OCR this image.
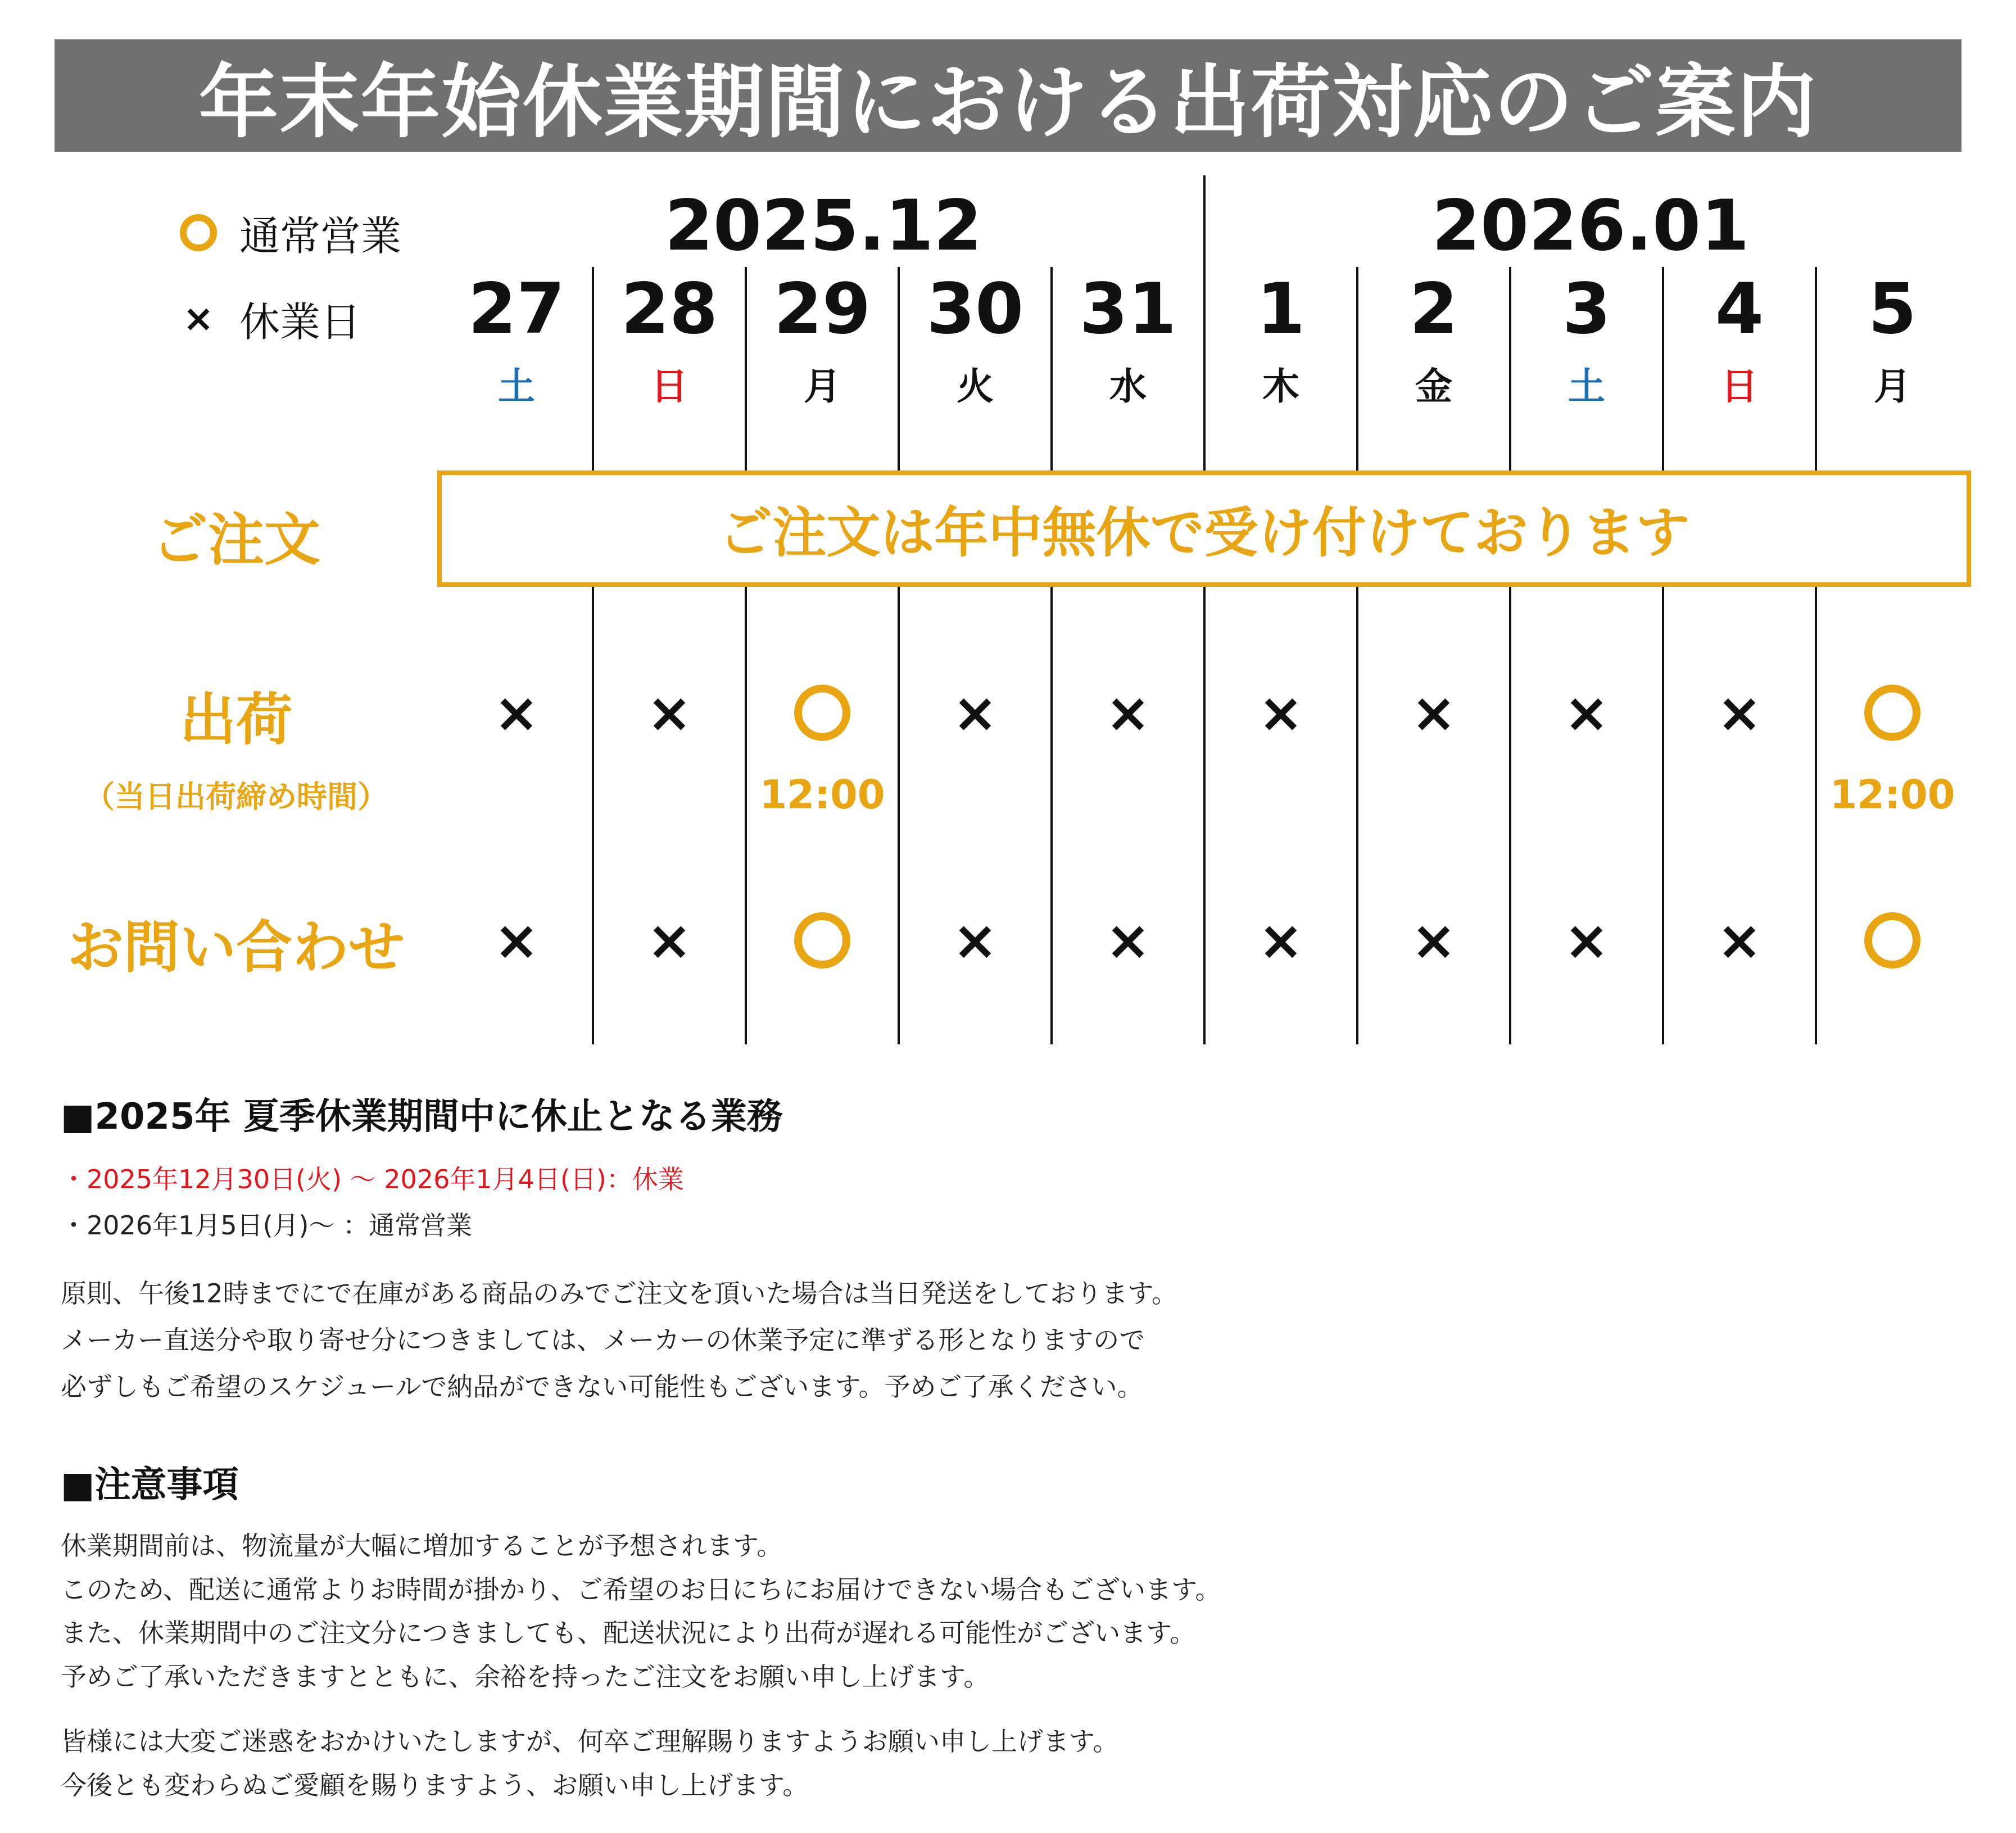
年末年始休業期間における出荷対応のご案内
通常営業
× 休業日
2025.12	2026.01
27
土
×
×
28
日
×
×
29
月
12:00
30
火
×
×
31
水
×
×
1
木
×
×
2
金
×
×
3
土
×
×
4
日
×
×
5
月
12:00
ご注文	ご注文は年中無休で受け付けております
出荷
（当日出荷締め時間）
お問い合わせ
■2025年 夏季休業期間中に休止となる業務
・2025年12月30日(火) 〜 2026年1月4日(日)：休業
・2026年1月5日(月)〜 ：通常営業
原則、午後12時までにで在庫がある商品のみでご注文を頂いた場合は当日発送をしております。
メーカー直送分や取り寄せ分につきましては、メーカーの休業予定に準ずる形となりますので
必ずしもご希望のスケジュールで納品ができない可能性もございます。予めご了承ください。
■注意事項
休業期間前は、物流量が大幅に増加することが予想されます。
このため、配送に通常よりお時間が掛かり、ご希望のお日にちにお届けできない場合もございます。
また、休業期間中のご注文分につきましても、配送状況により出荷が遅れる可能性がございます。
予めご了承いただきますとともに、余裕を持ったご注文をお願い申し上げます。
皆様には大変ご迷惑をおかけいたしますが、何卒ご理解賜りますようお願い申し上げます。
今後とも変わらぬご愛顧を賜りますよう、お願い申し上げます。
